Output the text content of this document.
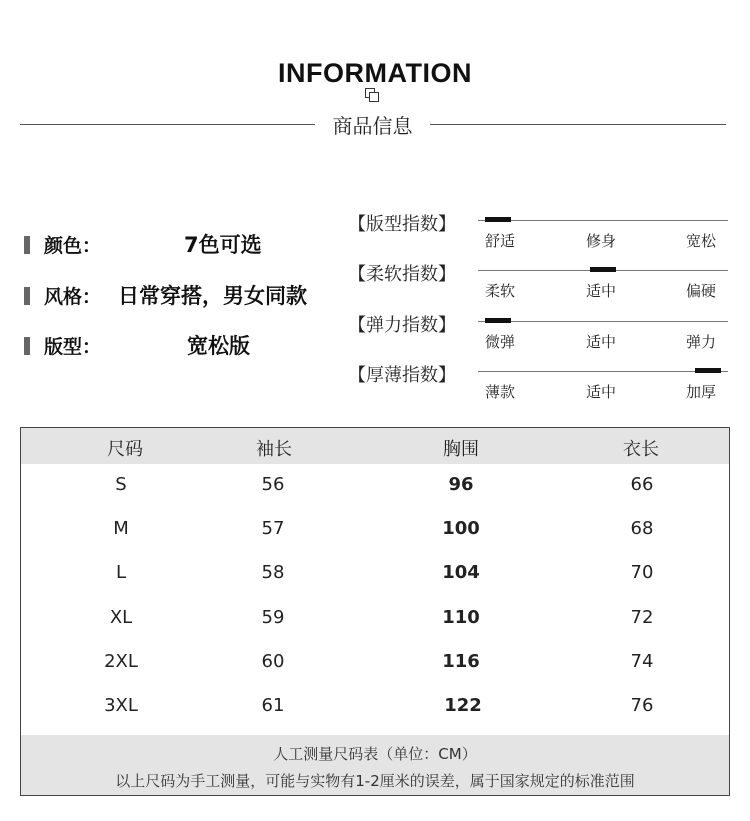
INFORMATION
商品信息
颜色：	7色可选
风格： 日常穿搭，男女同款
版型：	宽松版
【版型指数】
舒适	修身	宽松
【柔软指数】
柔软	适中	偏硬
【弹力指数】
微弹	适中	弹力
【厚薄指数】
薄款	适中	加厚
尺码	袖长	胸围	衣长
S	56	96	66
M	57	100	68
L	58	104	70
XL	59	110	72
2XL	60	116	74
3XL	61	122	76
人工测量尺码表（单位：CM）
以上尺码为手工测量，可能与实物有1-2厘米的误差，属于国家规定的标准范围
